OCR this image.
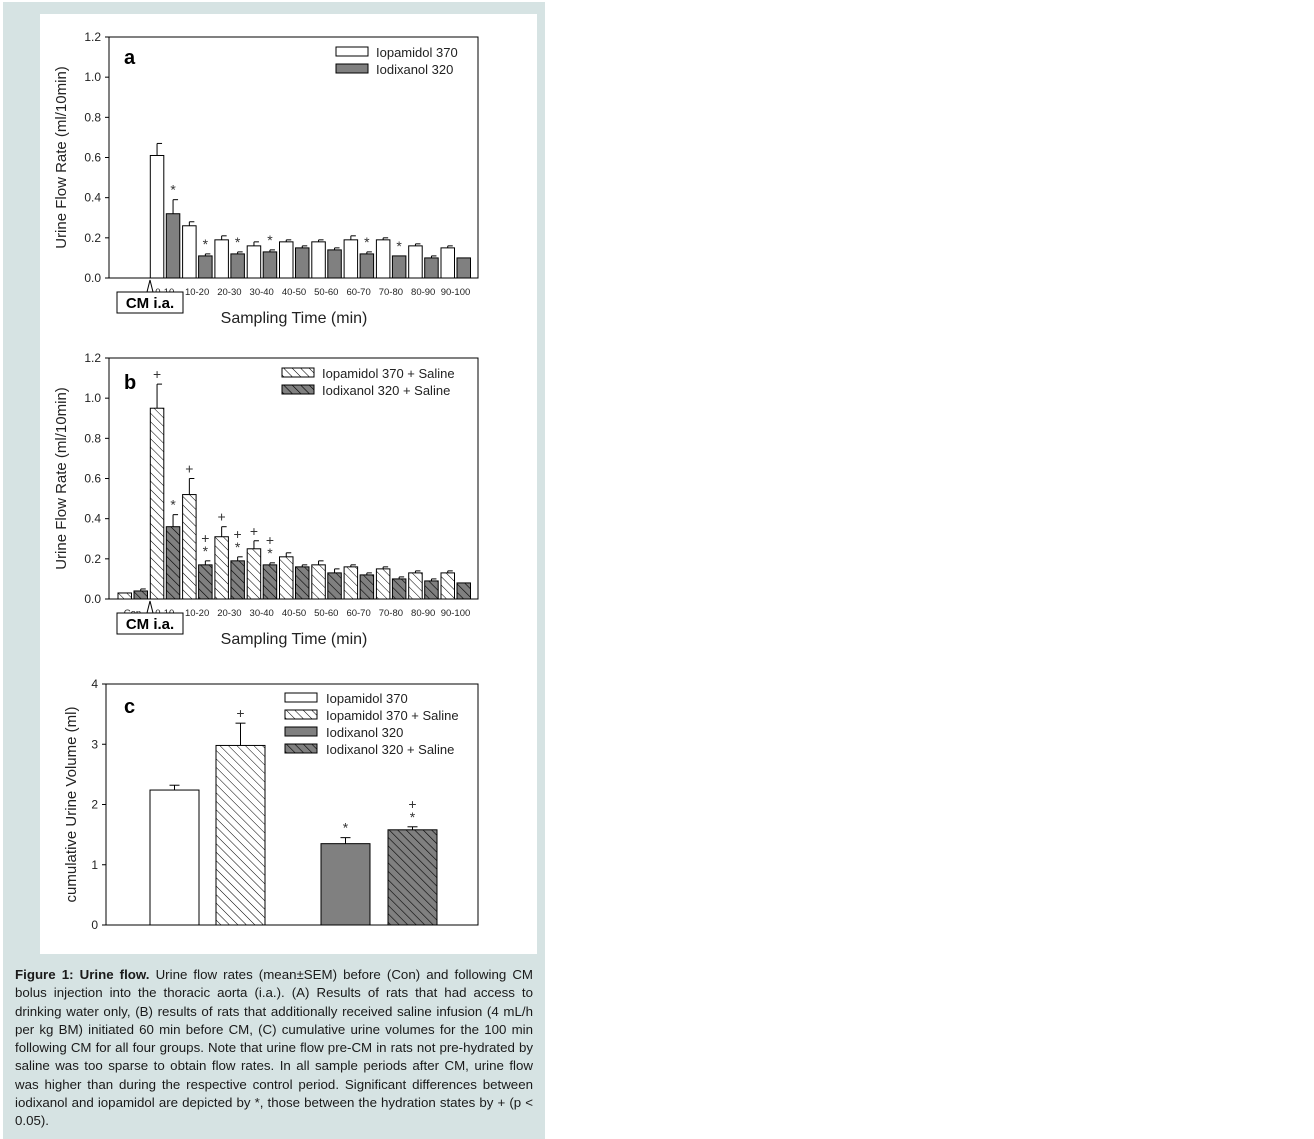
0.0
0.2
0.4
0.6
0.8
1.0
1.2
Urine Flow Rate (ml/10min)
a
*
*
10-20
*
20-30
*
30-40 40-50 50-60
*
60-70
*
70-80 80-90 90-100
CM i.a.
Sampling Time (min)
Iopamidol 370
Iodixanol 320
0.0
0.2
0.4
0.6
0.8
1.0
1.2
Urine Flow Rate (ml/10min)
b +
*
+
*
+
10-20
+
*
+
20-30
+
*
+
30-40 40-50 50-60 60-70 70-80 80-90 90-100
CM i.a.
Sampling Time (min)
Iopamidol 370 + Saline
Iodixanol 320 + Saline
0
1
2
3
4
cumulative Urine Volume (ml) c	+
*
*
+
Iopamidol 370
Iopamidol 370 + Saline
Iodixanol 320
Iodixanol 320 + Saline
Figure 1: Urine flow. Urine flow rates (mean±SEM) before (Con) and following CM bolus injection into the thoracic aorta (i.a.). (A) Results of rats that had access to drinking water only, (B) results of rats that additionally received saline infusion (4 mL/h per kg BM) initiated 60 min before CM, (C) cumulative urine volumes for the 100 min following CM for all four groups. Note that urine flow pre-CM in rats not pre-hydrated by saline was too sparse to obtain flow rates. In all sample periods after CM, urine flow was higher than during the respective control period. Significant differences between iodixanol and iopamidol are depicted by *, those between the hydration states by + (p < 0.05).
